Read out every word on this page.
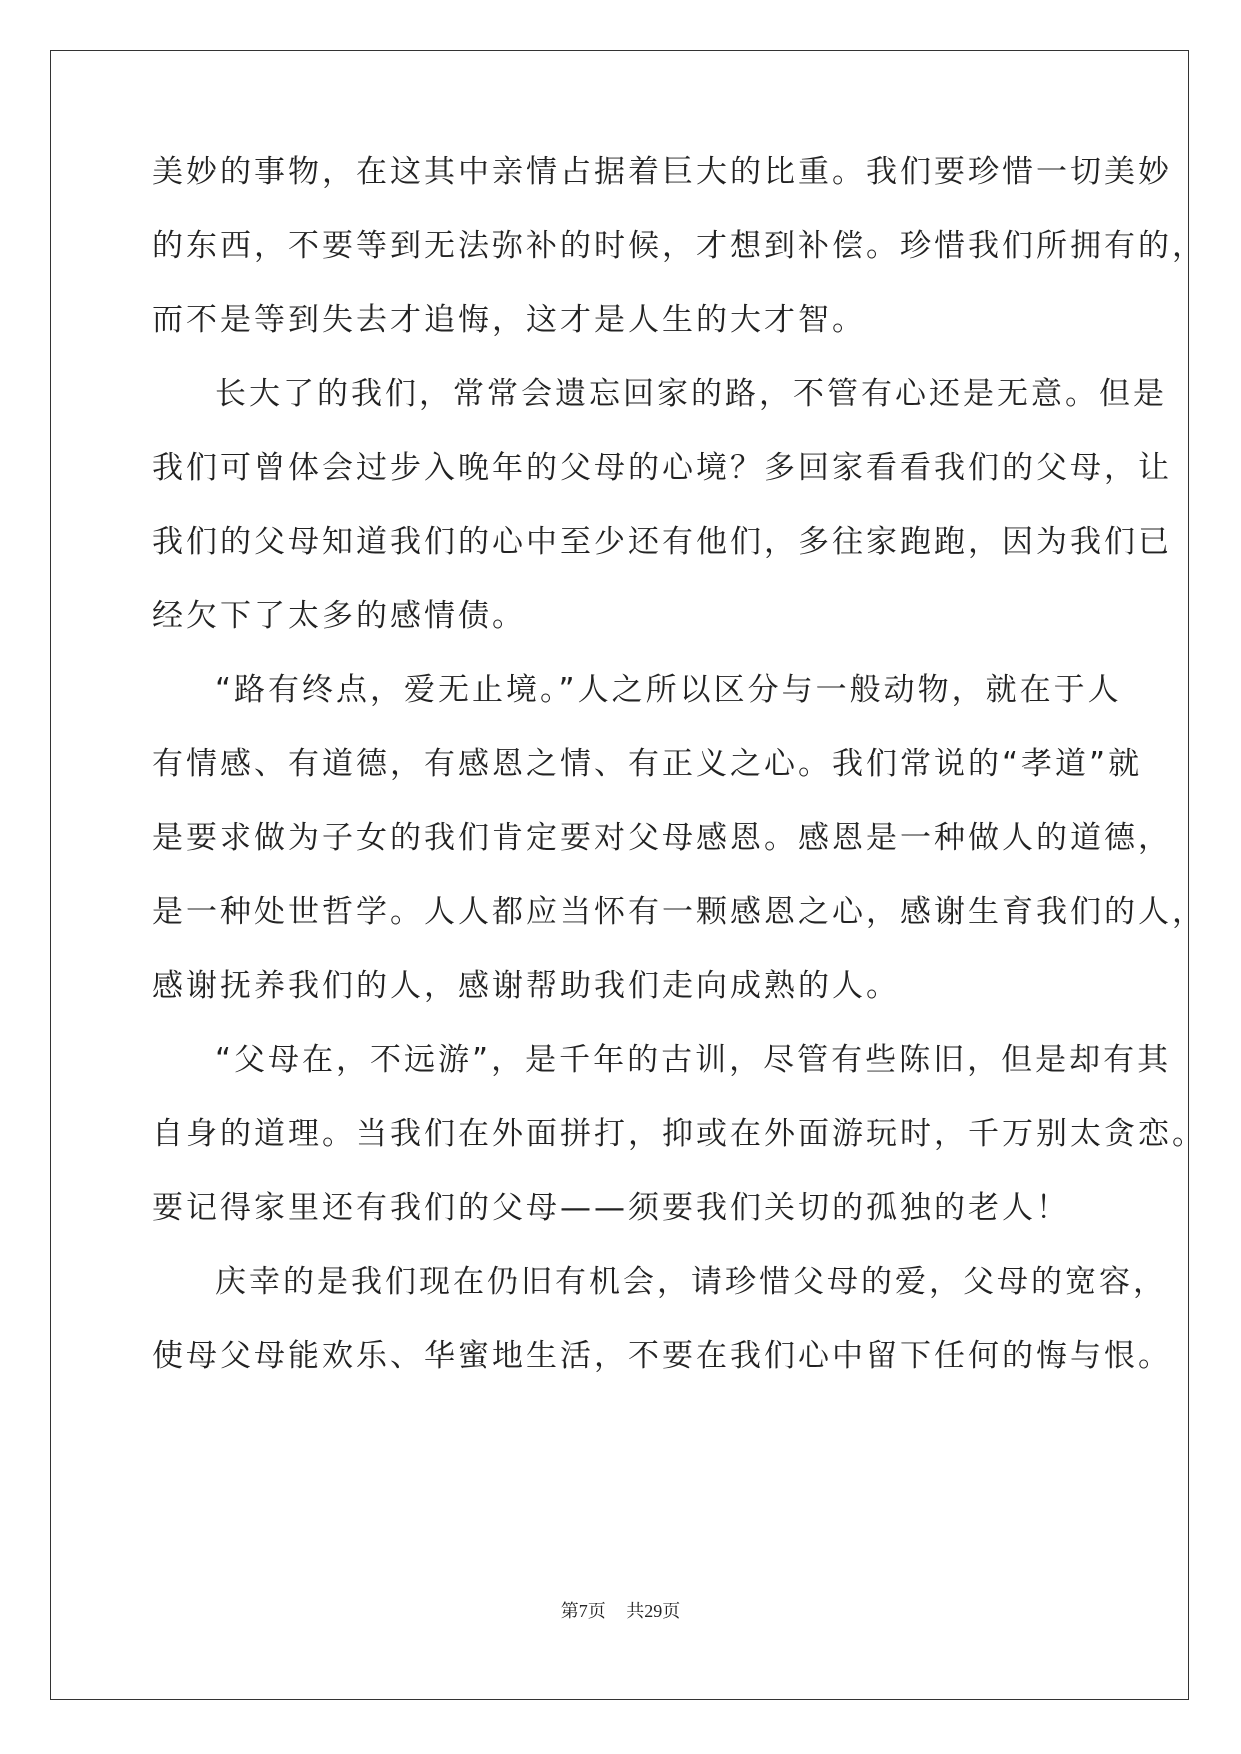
美妙的事物，在这其中亲情占据着巨大的比重。我们要珍惜一切美妙
的东西，不要等到无法弥补的时候，才想到补偿。珍惜我们所拥有的，
而不是等到失去才追悔，这才是人生的大才智。
长大了的我们，常常会遗忘回家的路，不管有心还是无意。但是
我们可曾体会过步入晚年的父母的心境？多回家看看我们的父母，让
我们的父母知道我们的心中至少还有他们，多往家跑跑，因为我们已
经欠下了太多的感情债。
“路有终点，爱无止境。”人之所以区分与一般动物，就在于人
有情感、有道德，有感恩之情、有正义之心。我们常说的“孝道”就
是要求做为子女的我们肯定要对父母感恩。感恩是一种做人的道德，
是一种处世哲学。人人都应当怀有一颗感恩之心，感谢生育我们的人，
感谢抚养我们的人，感谢帮助我们走向成熟的人。
“父母在，不远游”，是千年的古训，尽管有些陈旧，但是却有其
自身的道理。当我们在外面拼打，抑或在外面游玩时，千万别太贪恋。
要记得家里还有我们的父母——须要我们关切的孤独的老人！
庆幸的是我们现在仍旧有机会，请珍惜父母的爱，父母的宽容，
使母父母能欢乐、华蜜地生活，不要在我们心中留下任何的悔与恨。
第7页 共29页
